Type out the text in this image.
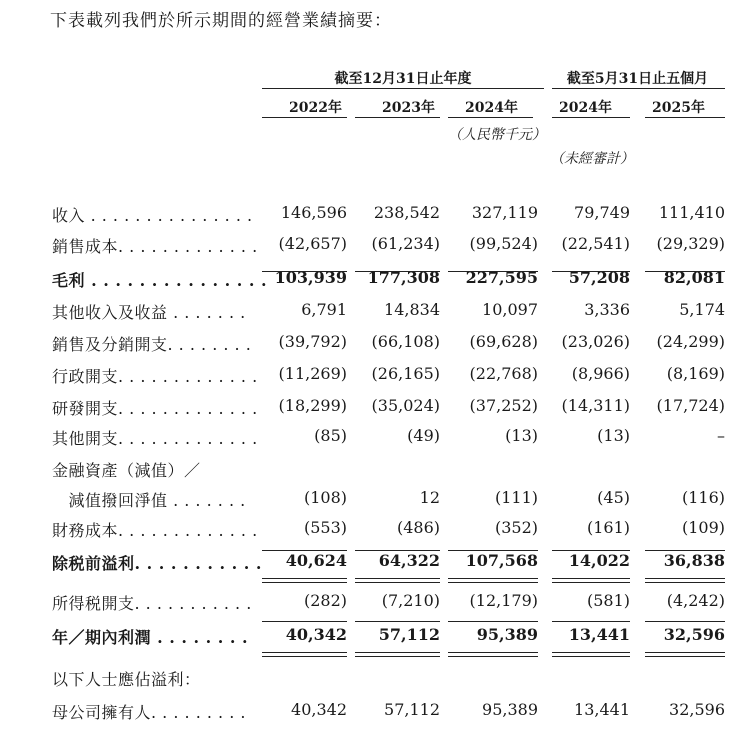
下表載列我們於所示期間的經營業績摘要：
截至12月31日止年度	截至5月31日止五個月
2022年	2023年	2024年	2024年	2025年
（人民幣千元）
（未經審計）
收入 . . . . . . . . . . . . . . .	146,596	238,542	327,119	79,749	111,410
銷售成本. . . . . . . . . . . . .	(42,657)	(61,234)	(99,524)	(22,541)	(29,329)
毛利 . . . . . . . . . . . . . . . 103,939	177,308	227,595	57,208	82,081
其他收入及收益 . . . . . . .	6,791	14,834	10,097	3,336	5,174
銷售及分銷開支. . . . . . . .	(39,792)	(66,108)	(69,628)	(23,026)	(24,299)
行政開支. . . . . . . . . . . . .	(11,269)	(26,165)	(22,768)	(8,966)	(8,169)
研發開支. . . . . . . . . . . . .	(18,299)	(35,024)	(37,252)	(14,311)	(17,724)
其他開支. . . . . . . . . . . . .	(85)	(49)	(13)	(13)	–
金融資產（減值）／
　減值撥回淨值 . . . . . . .	(108)	12	(111)	(45)	(116)
財務成本. . . . . . . . . . . . .	(553)	(486)	(352)	(161)	(109)
除税前溢利. . . . . . . . . . .	40,624	64,322	107,568	14,022	36,838
所得税開支. . . . . . . . . . .	(282)	(7,210)	(12,179)	(581)	(4,242)
年／期內利潤 . . . . . . . .	40,342	57,112	95,389	13,441	32,596
以下人士應佔溢利：
母公司擁有人. . . . . . . . .	40,342	57,112	95,389	13,441	32,596
